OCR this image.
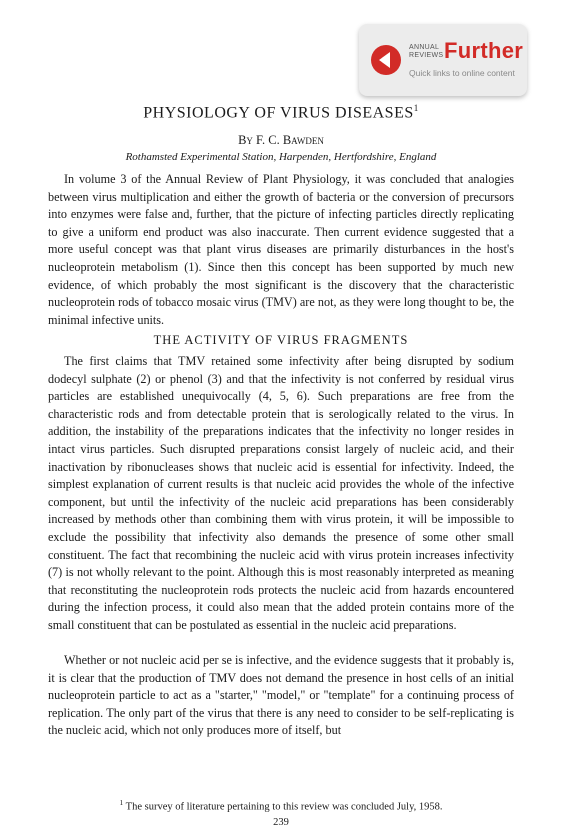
ANNUAL
REVIEWS Further
Quick links to online content
PHYSIOLOGY OF VIRUS DISEASES$^1$
By F. C. Bawden
Rothamsted Experimental Station, Harpenden, Hertfordshire, England

In volume 3 of the Annual Review of Plant Physiology, it was concluded that analogies between virus multiplication and either the growth of bacteria or the conversion of precursors into enzymes were false and, further, that the picture of infecting particles directly replicating to give a uniform end product was also inaccurate. Then current evidence suggested that a more useful concept was that plant virus diseases are primarily disturbances in the host's nucleoprotein metabolism (1). Since then this concept has been supported by much new evidence, of which probably the most significant is the discovery that the characteristic nucleoprotein rods of tobacco mosaic virus (TMV) are not, as they were long thought to be, the minimal infective units.

THE ACTIVITY OF VIRUS FRAGMENTS

The first claims that TMV retained some infectivity after being disrupted by sodium dodecyl sulphate (2) or phenol (3) and that the infectivity is not conferred by residual virus particles are established unequivocally (4, 5, 6). Such preparations are free from the characteristic rods and from detectable protein that is serologically related to the virus. In addition, the instability of the preparations indicates that the infectivity no longer resides in intact virus particles. Such disrupted preparations consist largely of nucleic acid, and their inactivation by ribonucleases shows that nucleic acid is essential for infectivity. Indeed, the simplest explanation of current results is that nucleic acid provides the whole of the infective component, but until the infectivity of the nucleic acid preparations has been considerably increased by methods other than combining them with virus protein, it will be impossible to exclude the possibility that infectivity also demands the presence of some other small constituent. The fact that recombining the nucleic acid with virus protein increases infectivity (7) is not wholly relevant to the point. Although this is most reasonably interpreted as meaning that reconstituting the nucleoprotein rods protects the nucleic acid from hazards encountered during the infection process, it could also mean that the added protein contains more of the small constituent that can be postulated as essential in the nucleic acid preparations.

Whether or not nucleic acid per se is infective, and the evidence suggests that it probably is, it is clear that the production of TMV does not demand the presence in host cells of an initial nucleoprotein particle to act as a "starter," "model," or "template" for a continuing process of replication. The only part of the virus that there is any need to consider to be self-replicating is the nucleic acid, which not only produces more of itself, but

$^1$ The survey of literature pertaining to this review was concluded July, 1958.
239
